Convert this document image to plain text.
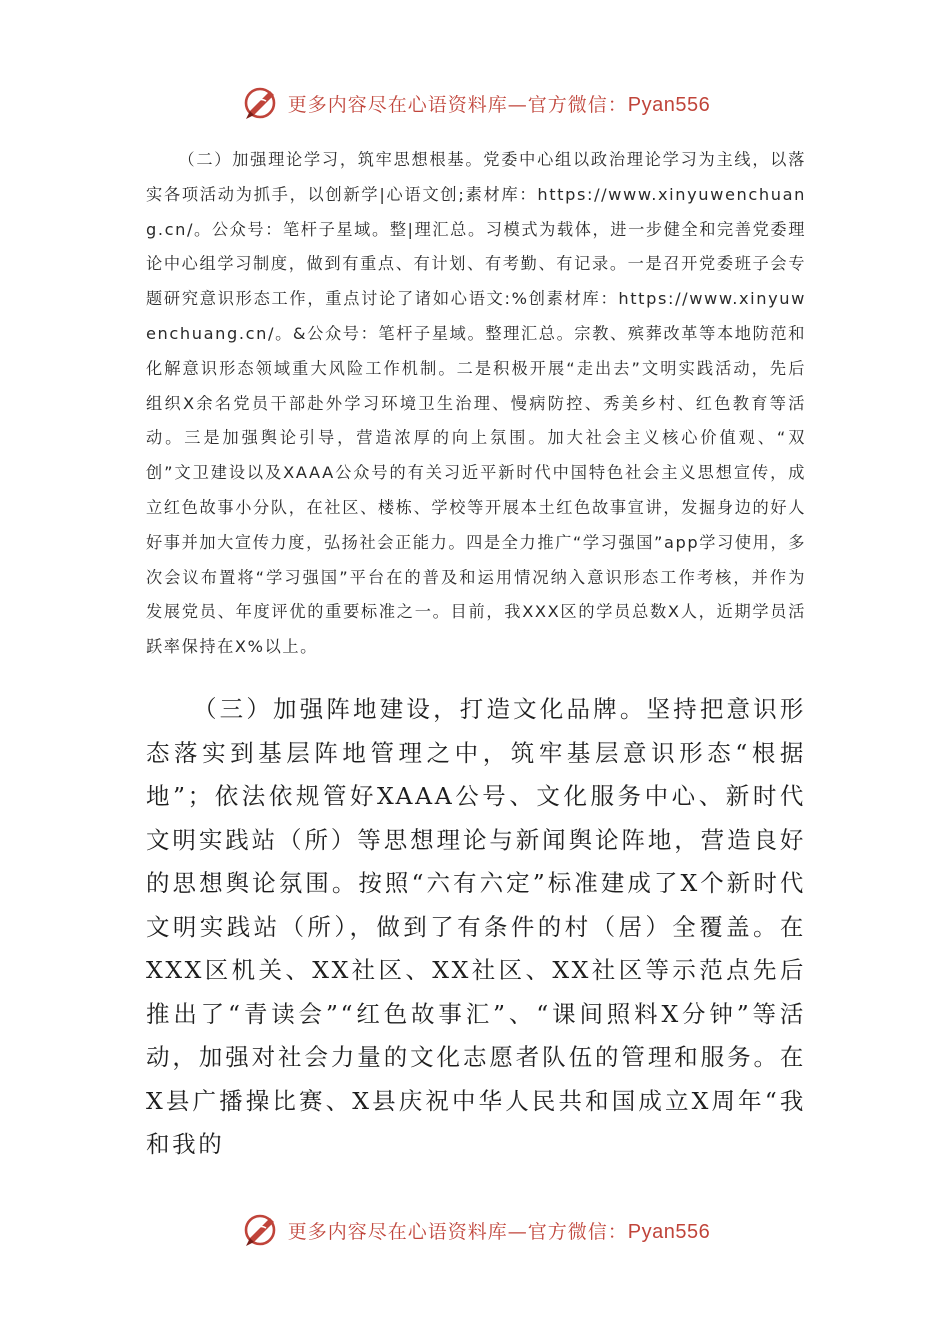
更多内容尽在心语资料库—官方微信：Pyan556

（二）加强理论学习，筑牢思想根基。党委中心组以政治理论学习为主线，以落实各项活动为抓手，以创新学|心语文创;素材库：https://www.xinyuwenchuang.cn/。公众号：笔杆子星域。整|理汇总。习模式为载体，进一步健全和完善党委理论中心组学习制度，做到有重点、有计划、有考勤、有记录。一是召开党委班子会专题研究意识形态工作，重点讨论了诸如心语文:%创素材库：https://www.xinyuwenchuang.cn/。&公众号：笔杆子星域。整理汇总。宗教、殡葬改革等本地防范和化解意识形态领域重大风险工作机制。二是积极开展“走出去”文明实践活动，先后组织X余名党员干部赴外学习环境卫生治理、慢病防控、秀美乡村、红色教育等活动。三是加强舆论引导，营造浓厚的向上氛围。加大社会主义核心价值观、“双创”文卫建设以及XAAA公众号的有关习近平新时代中国特色社会主义思想宣传，成立红色故事小分队，在社区、楼栋、学校等开展本土红色故事宣讲，发掘身边的好人好事并加大宣传力度，弘扬社会正能力。四是全力推广“学习强国”app学习使用，多次会议布置将“学习强国”平台在的普及和运用情况纳入意识形态工作考核，并作为发展党员、年度评优的重要标准之一。目前，我XXX区的学员总数X人，近期学员活跃率保持在X%以上。

（三）加强阵地建设，打造文化品牌。坚持把意识形态落实到基层阵地管理之中，筑牢基层意识形态“根据地”；依法依规管好XAAA公号、文化服务中心、新时代文明实践站（所）等思想理论与新闻舆论阵地，营造良好的思想舆论氛围。按照“六有六定”标准建成了X个新时代文明实践站（所），做到了有条件的村（居）全覆盖。在XXX区机关、XX社区、XX社区、XX社区等示范点先后推出了“青读会”“红色故事汇”、“课间照料X分钟”等活动，加强对社会力量的文化志愿者队伍的管理和服务。在X县广播操比赛、X县庆祝中华人民共和国成立X周年“我和我的

更多内容尽在心语资料库—官方微信：Pyan556
